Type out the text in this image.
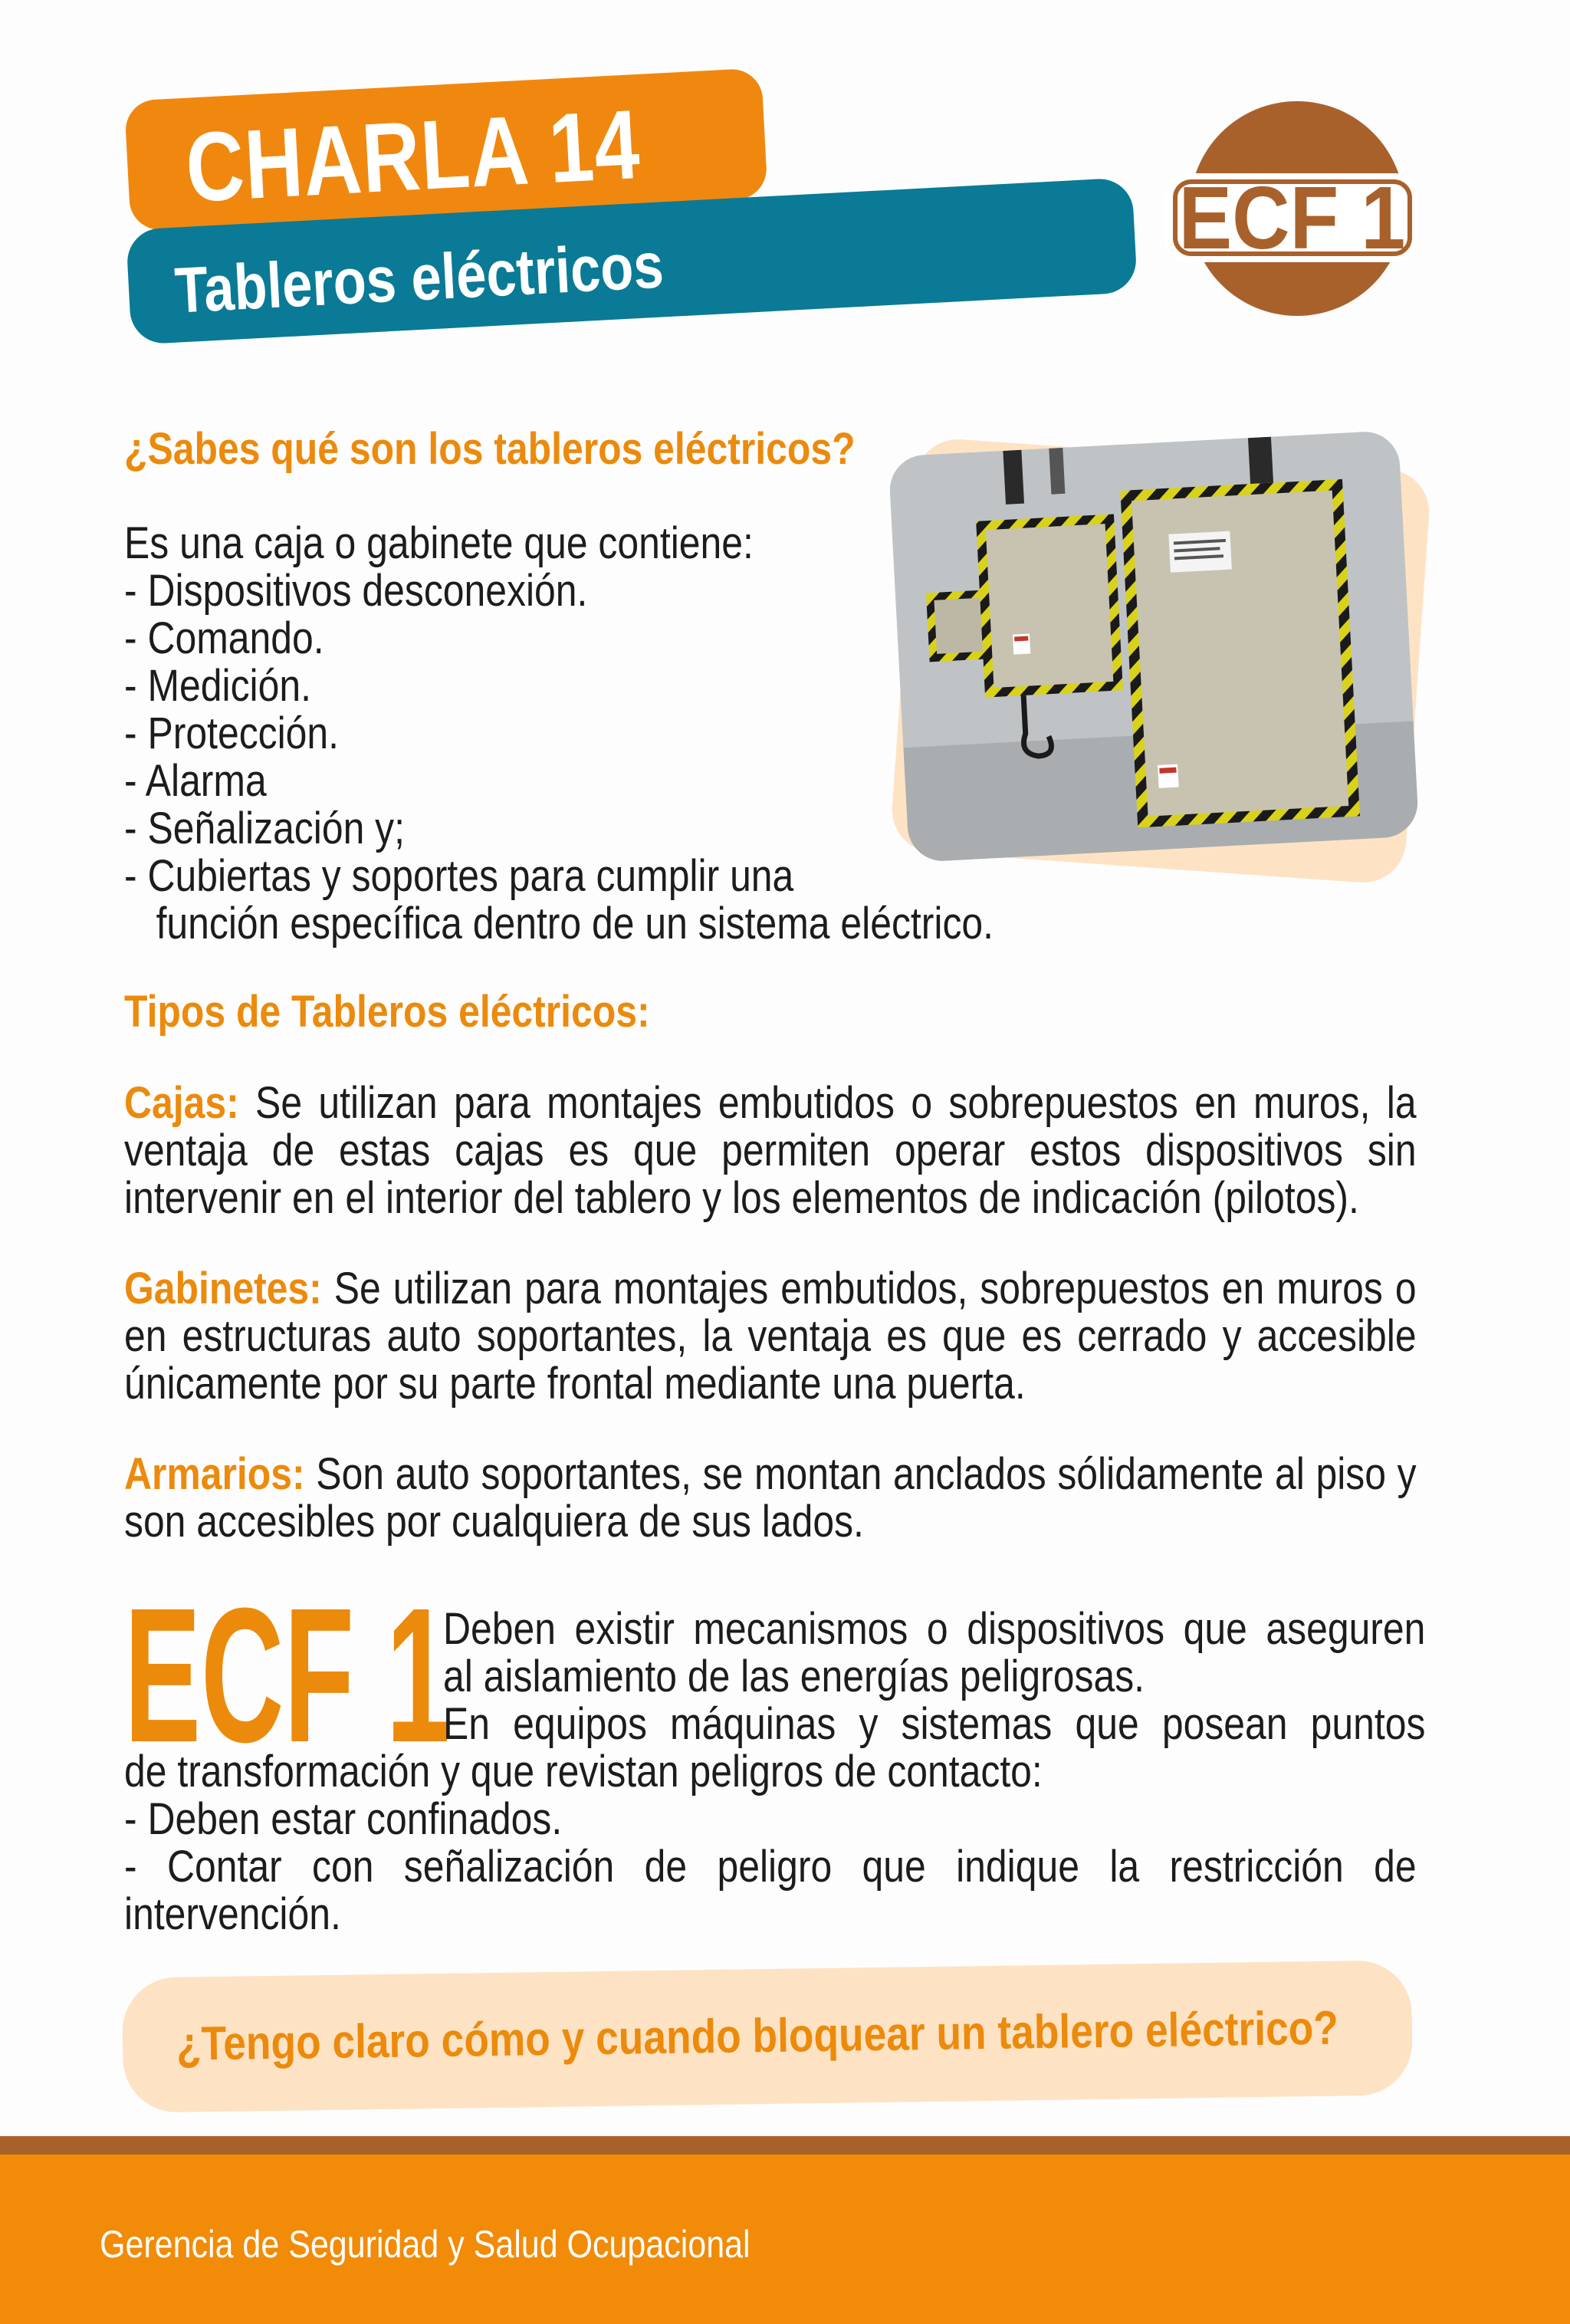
CHARLA 14
Tableros eléctricos
ECF 1
¿Sabes qué son los tableros eléctricos?
Es una caja o gabinete que contiene:
- Dispositivos desconexión.
- Comando.
- Medición.
- Protección.
- Alarma
- Señalización y;
- Cubiertas y soportes para cumplir una
función específica dentro de un sistema eléctrico.
Tipos de Tableros eléctricos:
Cajas: Se utilizan para montajes embutidos o sobrepuestos en muros, la ventaja de estas cajas es que permiten operar estos dispositivos sin intervenir en el interior del tablero y los elementos de indicación (pilotos).
Gabinetes: Se utilizan para montajes embutidos, sobrepuestos en muros o en estructuras auto soportantes, la ventaja es que es cerrado y accesible únicamente por su parte frontal mediante una puerta.
Armarios: Son auto soportantes, se montan anclados sólidamente al piso y son accesibles por cualquiera de sus lados.
ECF 1
Deben existir mecanismos o dispositivos que aseguren
al aislamiento de las energías peligrosas.
En equipos máquinas y sistemas que posean puntos
de transformación y que revistan peligros de contacto:
- Deben estar confinados.
- Contar con señalización de peligro que indique la restricción de intervención.
¿Tengo claro cómo y cuando bloquear un tablero eléctrico?
Gerencia de Seguridad y Salud Ocupacional
